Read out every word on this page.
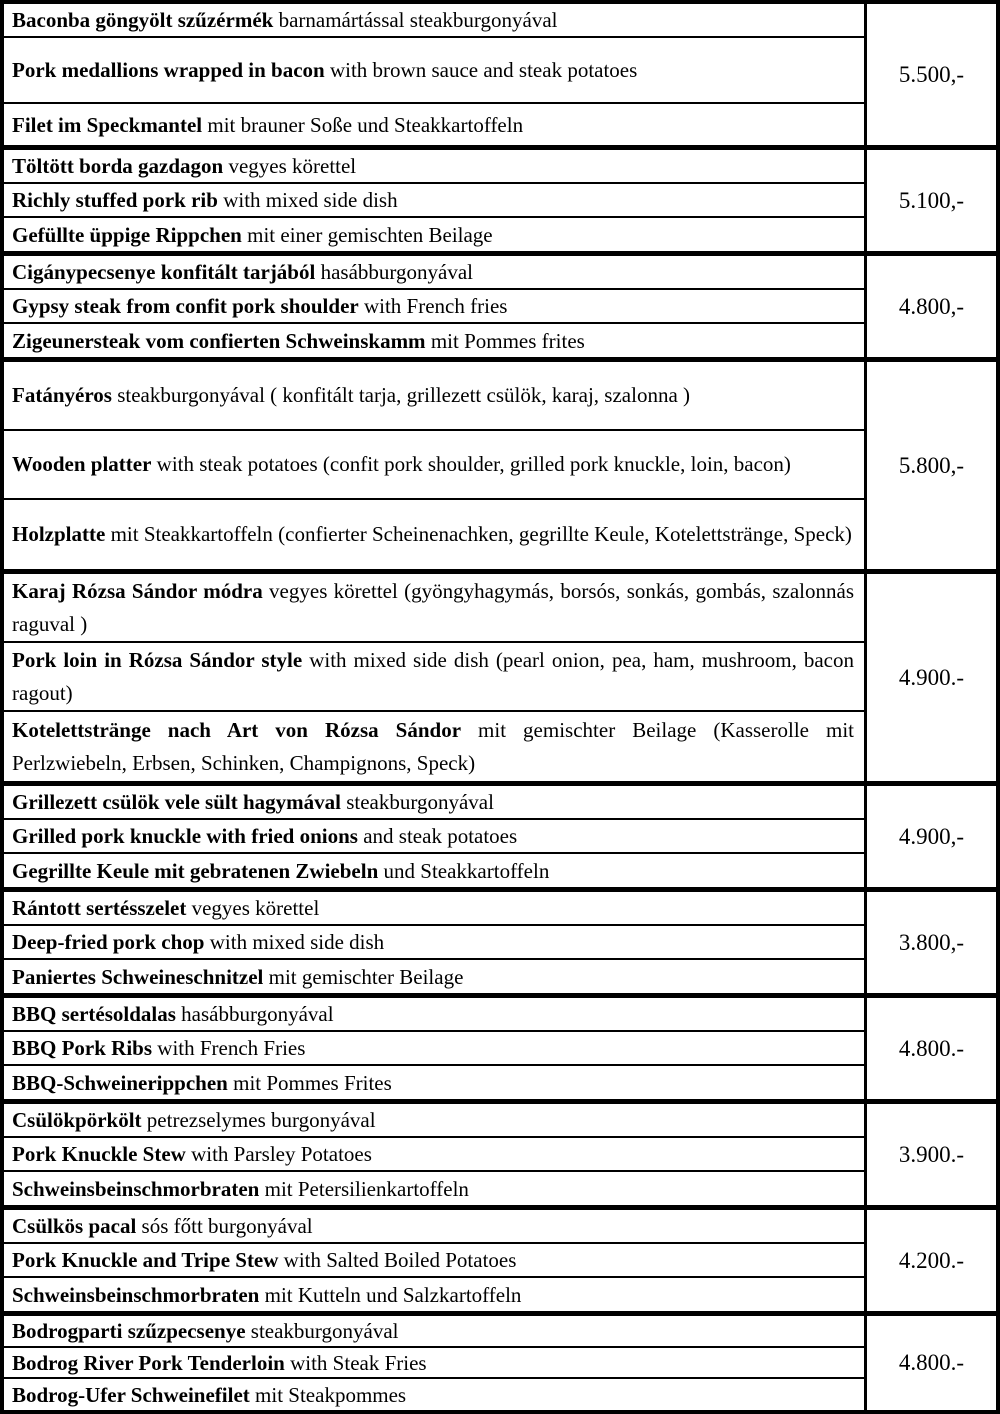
Baconba göngyölt szűzérmék barnamártással steakburgonyával

Pork medallions wrapped in bacon with brown sauce and steak potatoes

Filet im Speckmantel mit brauner Soße und Steakkartoffeln

5.500,-

Töltött borda gazdagon vegyes körettel

Richly stuffed pork rib with mixed side dish

Gefüllte üppige Rippchen mit einer gemischten Beilage

5.100,-

Cigánypecsenye konfitált tarjából hasábburgonyával

Gypsy steak from confit pork shoulder with French fries

Zigeunersteak vom confierten Schweinskamm mit Pommes frites

4.800,-

Fatányéros steakburgonyával ( konfitált tarja, grillezett csülök, karaj, szalonna )

Wooden platter with steak potatoes (confit pork shoulder, grilled pork knuckle, loin, bacon)

Holzplatte mit Steakkartoffeln (confierter Scheinenachken, gegrillte Keule, Kotelettstränge, Speck)

5.800,-

Karaj Rózsa Sándor módra vegyes körettel (gyöngyhagymás, borsós, sonkás, gombás, szalonnás raguval )

Pork loin in Rózsa Sándor style with mixed side dish (pearl onion, pea, ham, mushroom, bacon ragout)

Kotelettstränge nach Art von Rózsa Sándor mit gemischter Beilage (Kasserolle mit Perlzwiebeln, Erbsen, Schinken, Champignons, Speck)

4.900.-

Grillezett csülök vele sült hagymával steakburgonyával

Grilled pork knuckle with fried onions and steak potatoes

Gegrillte Keule mit gebratenen Zwiebeln und Steakkartoffeln

4.900,-

Rántott sertésszelet vegyes körettel

Deep-fried pork chop with mixed side dish

Paniertes Schweineschnitzel mit gemischter Beilage

3.800,-

BBQ sertésoldalas hasábburgonyával

BBQ Pork Ribs with French Fries

BBQ-Schweinerippchen mit Pommes Frites

4.800.-

Csülökpörkölt petrezselymes burgonyával

Pork Knuckle Stew with Parsley Potatoes

Schweinsbeinschmorbraten mit Petersilienkartoffeln

3.900.-

Csülkös pacal sós főtt burgonyával

Pork Knuckle and Tripe Stew with Salted Boiled Potatoes

Schweinsbeinschmorbraten mit Kutteln und Salzkartoffeln

4.200.-

Bodrogparti szűzpecsenye steakburgonyával

Bodrog River Pork Tenderloin with Steak Fries

Bodrog-Ufer Schweinefilet mit Steakpommes

4.800.-
